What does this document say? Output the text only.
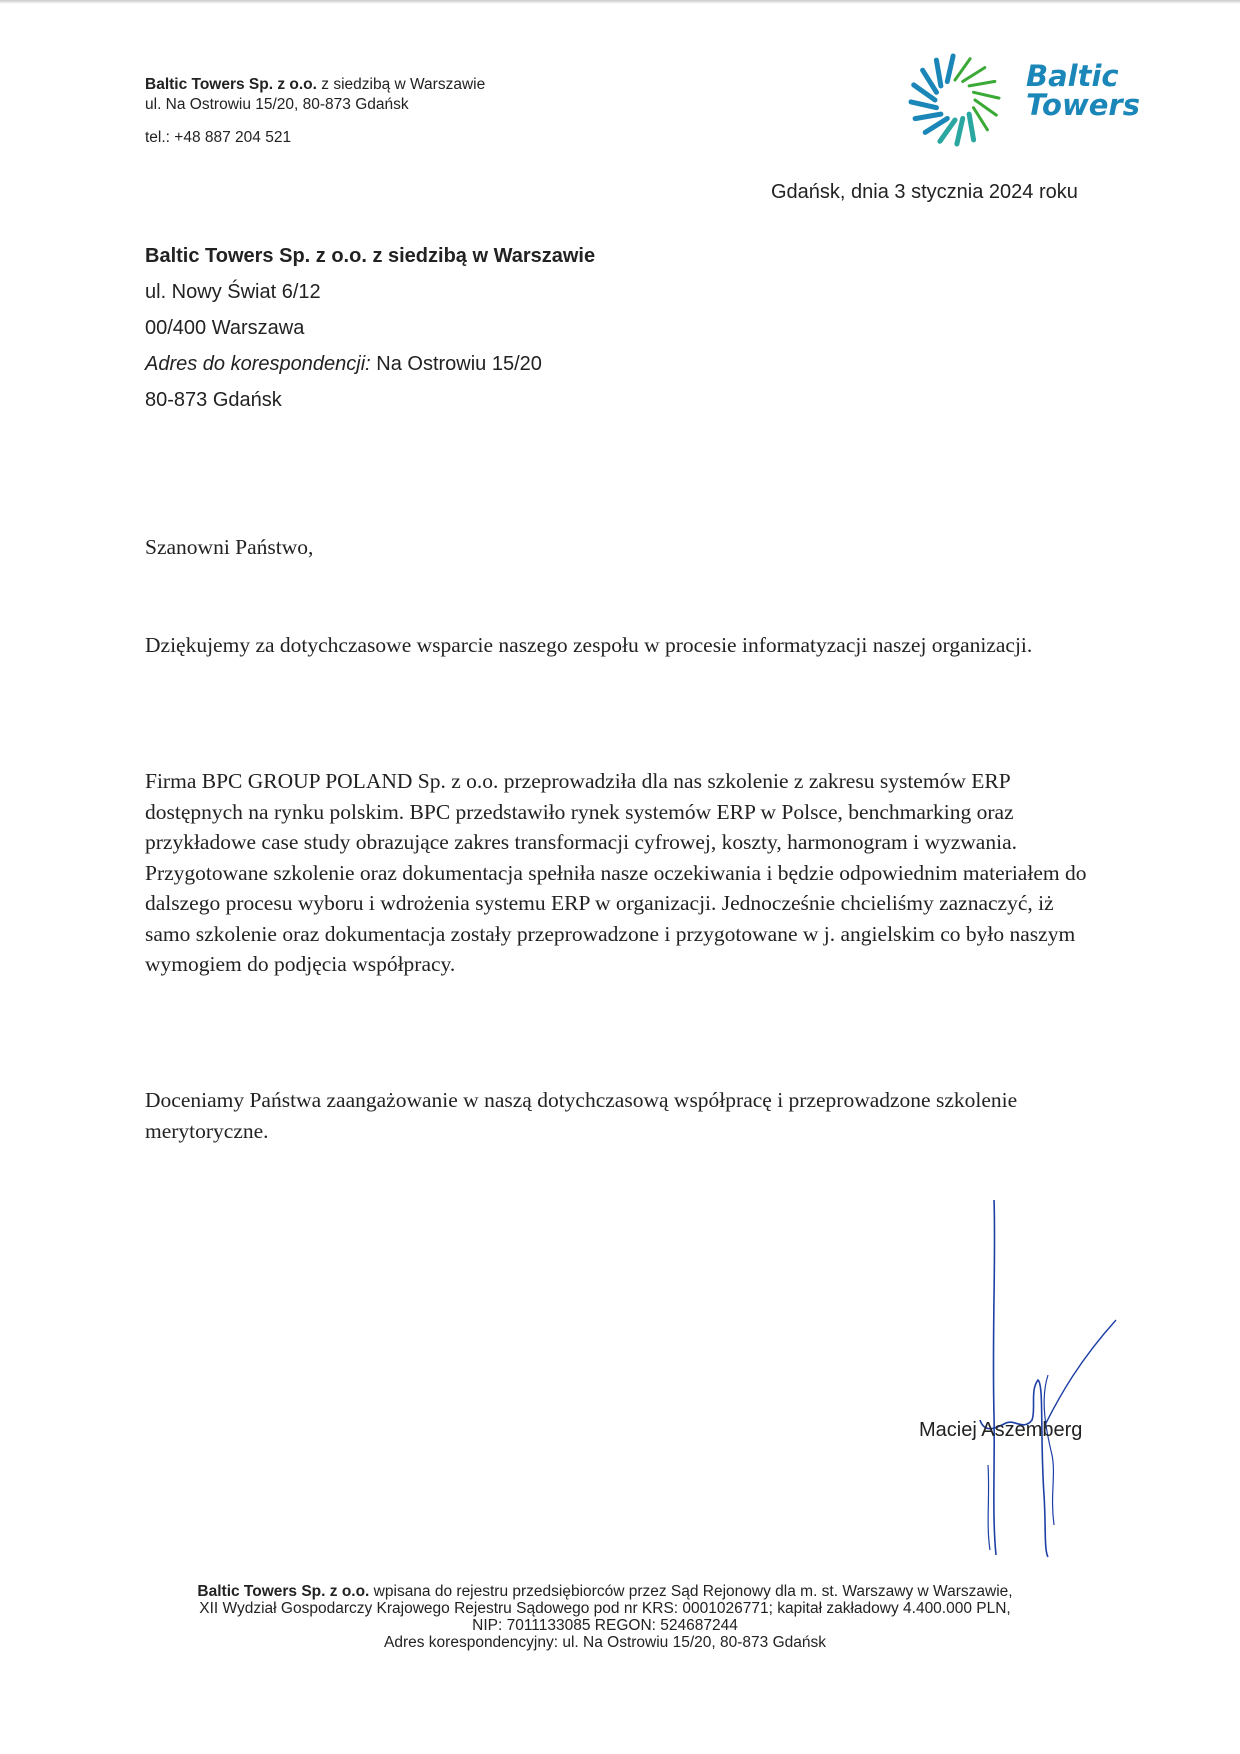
Baltic Towers Sp. z o.o. z siedzibą w Warszawie
ul. Na Ostrowiu 15/20, 80-873 Gdańsk
tel.: +48 887 204 521
Baltic
Towers
Gdańsk, dnia 3 stycznia 2024 roku
Baltic Towers Sp. z o.o. z siedzibą w Warszawie
ul. Nowy Świat 6/12
00/400 Warszawa
Adres do korespondencji: Na Ostrowiu 15/20
80-873 Gdańsk
Szanowni Państwo,
Dziękujemy za dotychczasowe wsparcie naszego zespołu w procesie informatyzacji naszej organizacji.
Firma BPC GROUP POLAND Sp. z o.o. przeprowadziła dla nas szkolenie z zakresu systemów ERP dostępnych na rynku polskim. BPC przedstawiło rynek systemów ERP w Polsce, benchmarking oraz przykładowe case study obrazujące zakres transformacji cyfrowej, koszty, harmonogram i wyzwania. Przygotowane szkolenie oraz dokumentacja spełniła nasze oczekiwania i będzie odpowiednim materiałem do dalszego procesu wyboru i wdrożenia systemu ERP w organizacji. Jednocześnie chcieliśmy zaznaczyć, iż samo szkolenie oraz dokumentacja zostały przeprowadzone i przygotowane w j. angielskim co było naszym wymogiem do podjęcia współpracy.
Doceniamy Państwa zaangażowanie w naszą dotychczasową współpracę i przeprowadzone szkolenie merytoryczne.
Maciej Aszemberg
Baltic Towers Sp. z o.o. wpisana do rejestru przedsiębiorców przez Sąd Rejonowy dla m. st. Warszawy w Warszawie,
XII Wydział Gospodarczy Krajowego Rejestru Sądowego pod nr KRS: 0001026771; kapitał zakładowy 4.400.000 PLN,
NIP: 7011133085 REGON: 524687244
Adres korespondencyjny: ul. Na Ostrowiu 15/20, 80-873 Gdańsk
